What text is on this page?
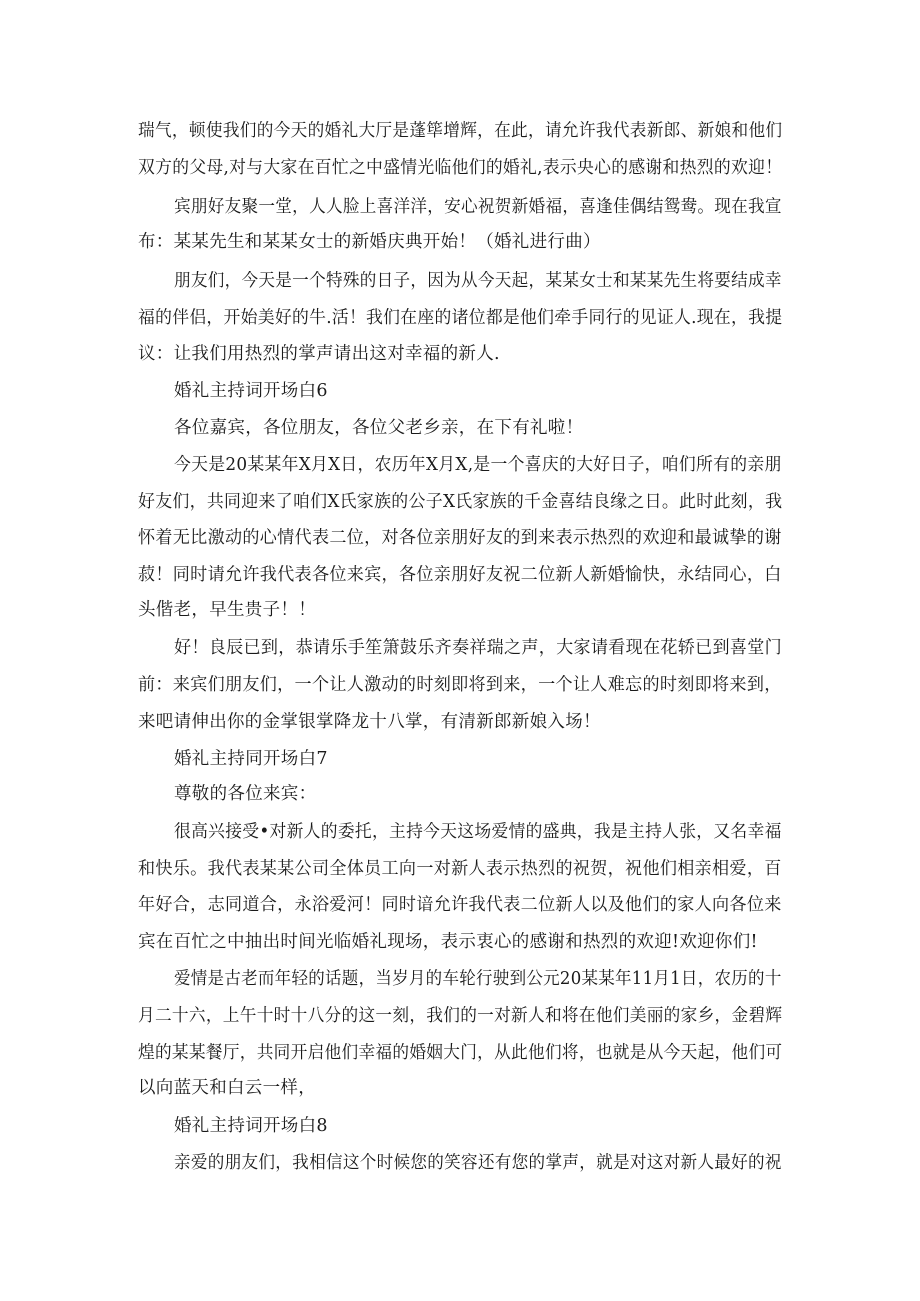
瑞气，顿使我们的今天的婚礼大厅是蓬筚增辉，在此，请允许我代表新郎、新娘和他们
双方的父母,对与大家在百忙之中盛情光临他们的婚礼,表示央心的感谢和热烈的欢迎！
宾朋好友聚一堂，人人脸上喜洋洋，安心祝贺新婚福，喜逢佳偶结鸳鸯。现在我宣
布：某某先生和某某女士的新婚庆典开始！（婚礼进行曲）
朋友们，今天是一个特殊的日子，因为从今天起，某某女士和某某先生将要结成幸
福的伴侣，开始美好的牛.活！我们在座的诸位都是他们牵手同行的见证人.现在，我提
议：让我们用热烈的掌声请出这对幸福的新人.
婚礼主持词开场白6
各位嘉宾，各位朋友，各位父老乡亲，在下有礼啦！
今天是20某某年X月X日，农历年X月X,是一个喜庆的大好日子，咱们所有的亲朋
好友们，共同迎来了咱们X氏家族的公子X氏家族的千金喜结良缘之日。此时此刻，我
怀着无比激动的心情代表二位，对各位亲朋好友的到来表示热烈的欢迎和最诚挚的谢
菽！同时请允许我代表各位来宾，各位亲朋好友祝二位新人新婚愉快，永结同心，白
头偕老，早生贵子！！
好！良辰已到，恭请乐手笙箫鼓乐齐奏祥瑞之声，大家请看现在花轿已到喜堂门
前：来宾们朋友们，一个让人激动的时刻即将到来，一个让人难忘的时刻即将来到，
来吧请伸出你的金掌银掌降龙十八掌，有清新郎新娘入场！
婚礼主持同开场白7
尊敬的各位来宾：
很高兴接受•对新人的委托，主持今天这场爱情的盛典，我是主持人张，又名幸福
和快乐。我代表某某公司全体员工向一对新人表示热烈的祝贺，祝他们相亲相爱，百
年好合，志同道合，永浴爱河！同时谙允许我代表二位新人以及他们的家人向各位来
宾在百忙之中抽出时间光临婚礼现场，表示衷心的感谢和热烈的欢迎!欢迎你们!
爱情是古老而年轻的话题，当岁月的车轮行驶到公元20某某年11月1日，农历的十
月二十六，上午十时十八分的这一刻，我们的一对新人和将在他们美丽的家乡，金碧辉
煌的某某餐厅，共同开启他们幸福的婚姻大门，从此他们将，也就是从今天起，他们可
以向蓝天和白云一样，
婚礼主持词开场白8
亲爱的朋友们，我相信这个时候您的笑容还有您的掌声，就是对这对新人最好的祝
